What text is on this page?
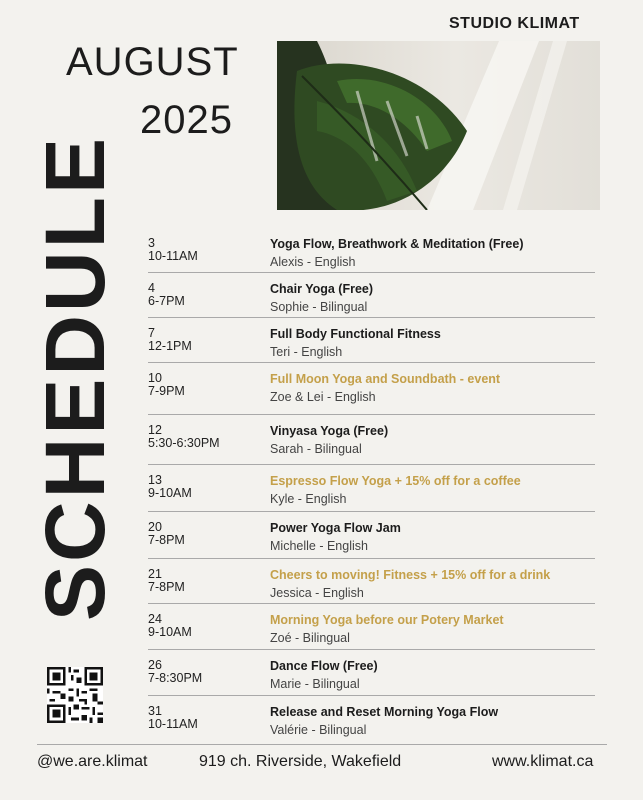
STUDIO KLIMAT
AUGUST
2025
SCHEDULE 3
10-11AM
Yoga Flow, Breathwork & Meditation (Free)
Alexis - English
4
6-7PM
Chair Yoga (Free)
Sophie - Bilingual
7
12-1PM
Full Body Functional Fitness
Teri - English
10
7-9PM
Full Moon Yoga and Soundbath - event
Zoe & Lei - English
12
5:30-6:30PM
Vinyasa Yoga (Free)
Sarah - Bilingual
13
9-10AM
Espresso Flow Yoga + 15% off for a coffee
Kyle - English
20
7-8PM
Power Yoga Flow Jam
Michelle - English
21
7-8PM
Cheers to moving! Fitness + 15% off for a drink
Jessica - English
24
9-10AM
Morning Yoga before our Potery Market
Zoé - Bilingual
26
7-8:30PM
Dance Flow (Free)
Marie - Bilingual
31
10-11AM
Release and Reset Morning Yoga Flow
Valérie - Bilingual
@we.are.klimat	919 ch. Riverside, Wakefield	www.klimat.ca
